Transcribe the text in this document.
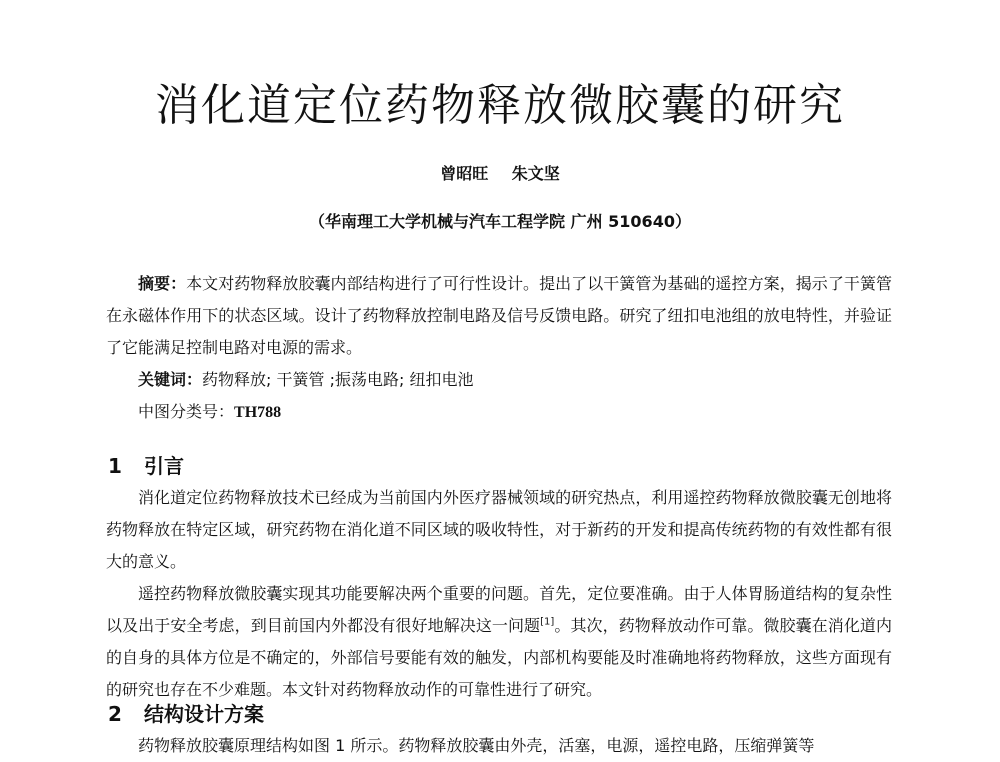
消化道定位药物释放微胶囊的研究
曾昭旺 朱文坚
（华南理工大学机械与汽车工程学院 广州 510640）

摘要：本文对药物释放胶囊内部结构进行了可行性设计。提出了以干簧管为基础的遥控方案，揭示了干簧管在永磁体作用下的状态区域。设计了药物释放控制电路及信号反馈电路。研究了纽扣电池组的放电特性，并验证了它能满足控制电路对电源的需求。

关键词：药物释放; 干簧管 ;振荡电路; 纽扣电池

中图分类号：TH788

1 引言

消化道定位药物释放技术已经成为当前国内外医疗器械领域的研究热点，利用遥控药物释放微胶囊无创地将药物释放在特定区域，研究药物在消化道不同区域的吸收特性，对于新药的开发和提高传统药物的有效性都有很大的意义。

遥控药物释放微胶囊实现其功能要解决两个重要的问题。首先，定位要准确。由于人体胃肠道结构的复杂性以及出于安全考虑，到目前国内外都没有很好地解决这一问题[1]。其次，药物释放动作可靠。微胶囊在消化道内的自身的具体方位是不确定的，外部信号要能有效的触发，内部机构要能及时准确地将药物释放，这些方面现有的研究也存在不少难题。本文针对药物释放动作的可靠性进行了研究。

2 结构设计方案

药物释放胶囊原理结构如图 1 所示。药物释放胶囊由外壳，活塞，电源，遥控电路，压缩弹簧等
